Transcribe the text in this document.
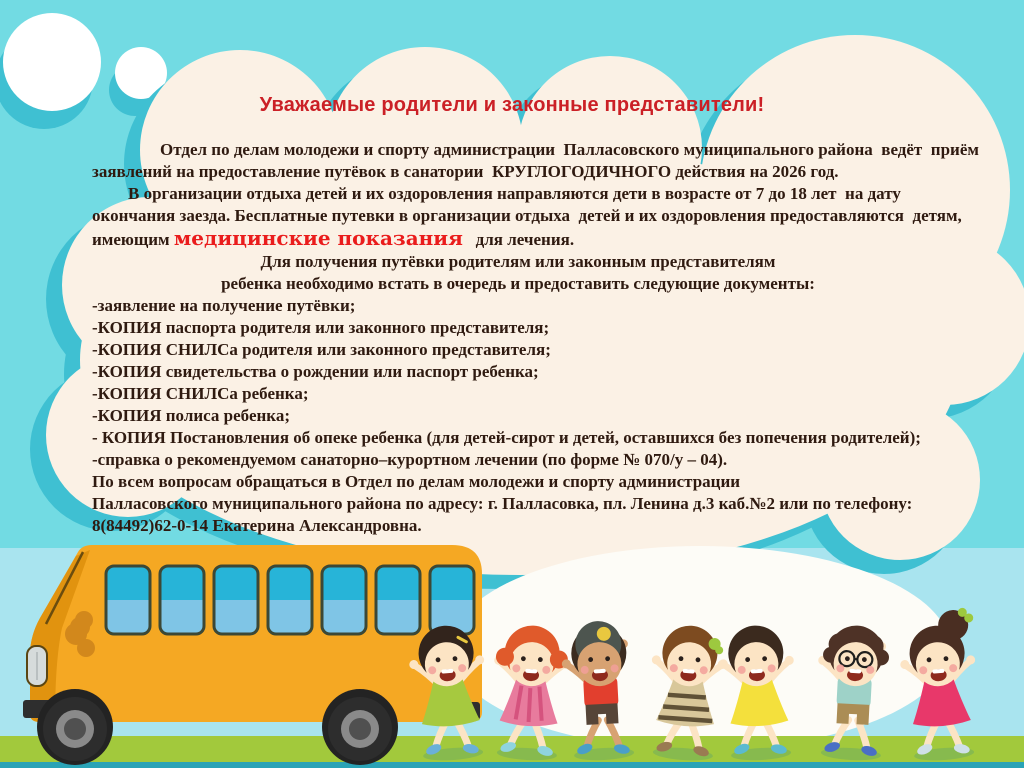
Уважаемые родители и законные представители!
Отдел по делам молодежи и спорту администрации  Палласовского муниципального района  ведёт  приём
заявлений на предоставление путёвок в санатории  КРУГЛОГОДИЧНОГО действия на 2026 год.
В организации отдыха детей и их оздоровления направляются дети в возрасте от 7 до 18 лет  на дату
окончания заезда. Бесплатные путевки в организации отдыха  детей и их оздоровления предоставляются  детям,
имеющим медицинские показания   для лечения.
Для получения путёвки родителям или законным представителям
ребенка необходимо встать в очередь и предоставить следующие документы:
-заявление на получение путёвки;
-КОПИЯ паспорта родителя или законного представителя;
-КОПИЯ СНИЛСа родителя или законного представителя;
-КОПИЯ свидетельства о рождении или паспорт ребенка;
-КОПИЯ СНИЛСа ребенка;
-КОПИЯ полиса ребенка;
- КОПИЯ Постановления об опеке ребенка (для детей-сирот и детей, оставшихся без попечения родителей);
-справка о рекомендуемом санаторно–курортном лечении (по форме № 070/у – 04).
По всем вопросам обращаться в Отдел по делам молодежи и спорту администрации
Палласовского муниципального района по адресу: г. Палласовка, пл. Ленина д.3 каб.№2 или по телефону:
8(84492)62-0-14 Екатерина Александровна.
